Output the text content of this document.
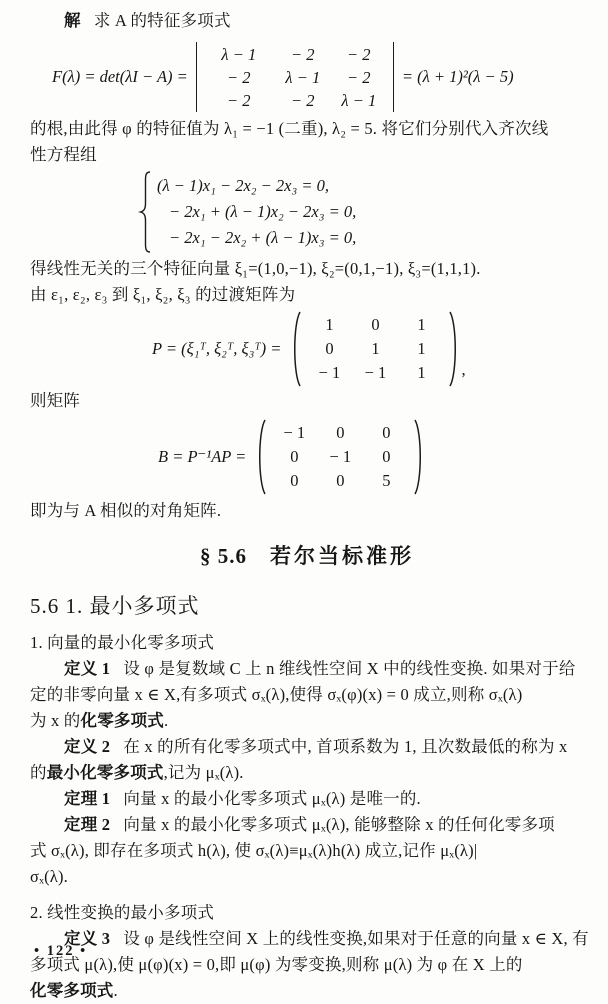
解 求 A 的特征多项式

F(λ) = det(λI − A) =
λ − 1	− 2	− 2
− 2	λ − 1	− 2
− 2	− 2	λ − 1
= (λ + 1)²(λ − 5)

的根,由此得 φ 的特征值为 λ₁ = −1 (二重), λ₂ = 5. 将它们分别代入齐次线

性方程组

(λ − 1)x₁ − 2x₂ − 2x₃ = 0,
− 2x₁ + (λ − 1)x₂ − 2x₃ = 0,
− 2x₁ − 2x₂ + (λ − 1)x₃ = 0,

得线性无关的三个特征向量 ξ₁=(1,0,−1), ξ₂=(0,1,−1), ξ₃=(1,1,1).

由 ε₁, ε₂, ε₃ 到 ξ₁, ξ₂, ξ₃ 的过渡矩阵为

P = (ξ₁ᵀ, ξ₂ᵀ, ξ₃ᵀ) =
1	0	1
0	1	1
− 1	− 1	1	,

则矩阵

B = P⁻¹AP =
− 1	0	0
0	− 1	0
0	0	5

即为与 A 相似的对角矩阵.

§ 5.6 若尔当标准形
5.6 1. 最小多项式

1. 向量的最小化零多项式

定义 1 设 φ 是复数域 C 上 n 维线性空间 X 中的线性变换. 如果对于给

定的非零向量 x ∈ X,有多项式 σₓ(λ),使得 σₓ(φ)(x) = 0 成立,则称 σₓ(λ)

为 x 的化零多项式.

定义 2 在 x 的所有化零多项式中, 首项系数为 1, 且次数最低的称为 x

的最小化零多项式,记为 μₓ(λ).

定理 1 向量 x 的最小化零多项式 μₓ(λ) 是唯一的.

定理 2 向量 x 的最小化零多项式 μₓ(λ), 能够整除 x 的任何化零多项

式 σₓ(λ), 即存在多项式 h(λ), 使 σₓ(λ)≡μₓ(λ)h(λ) 成立,记作 μₓ(λ)|

σₓ(λ).

2. 线性变换的最小多项式

定义 3 设 φ 是线性空间 X 上的线性变换,如果对于任意的向量 x ∈ X, 有

多项式 μ(λ),使 μ(φ)(x) = 0,即 μ(φ) 为零变换,则称 μ(λ) 为 φ 在 X 上的

化零多项式.

• 122 •
